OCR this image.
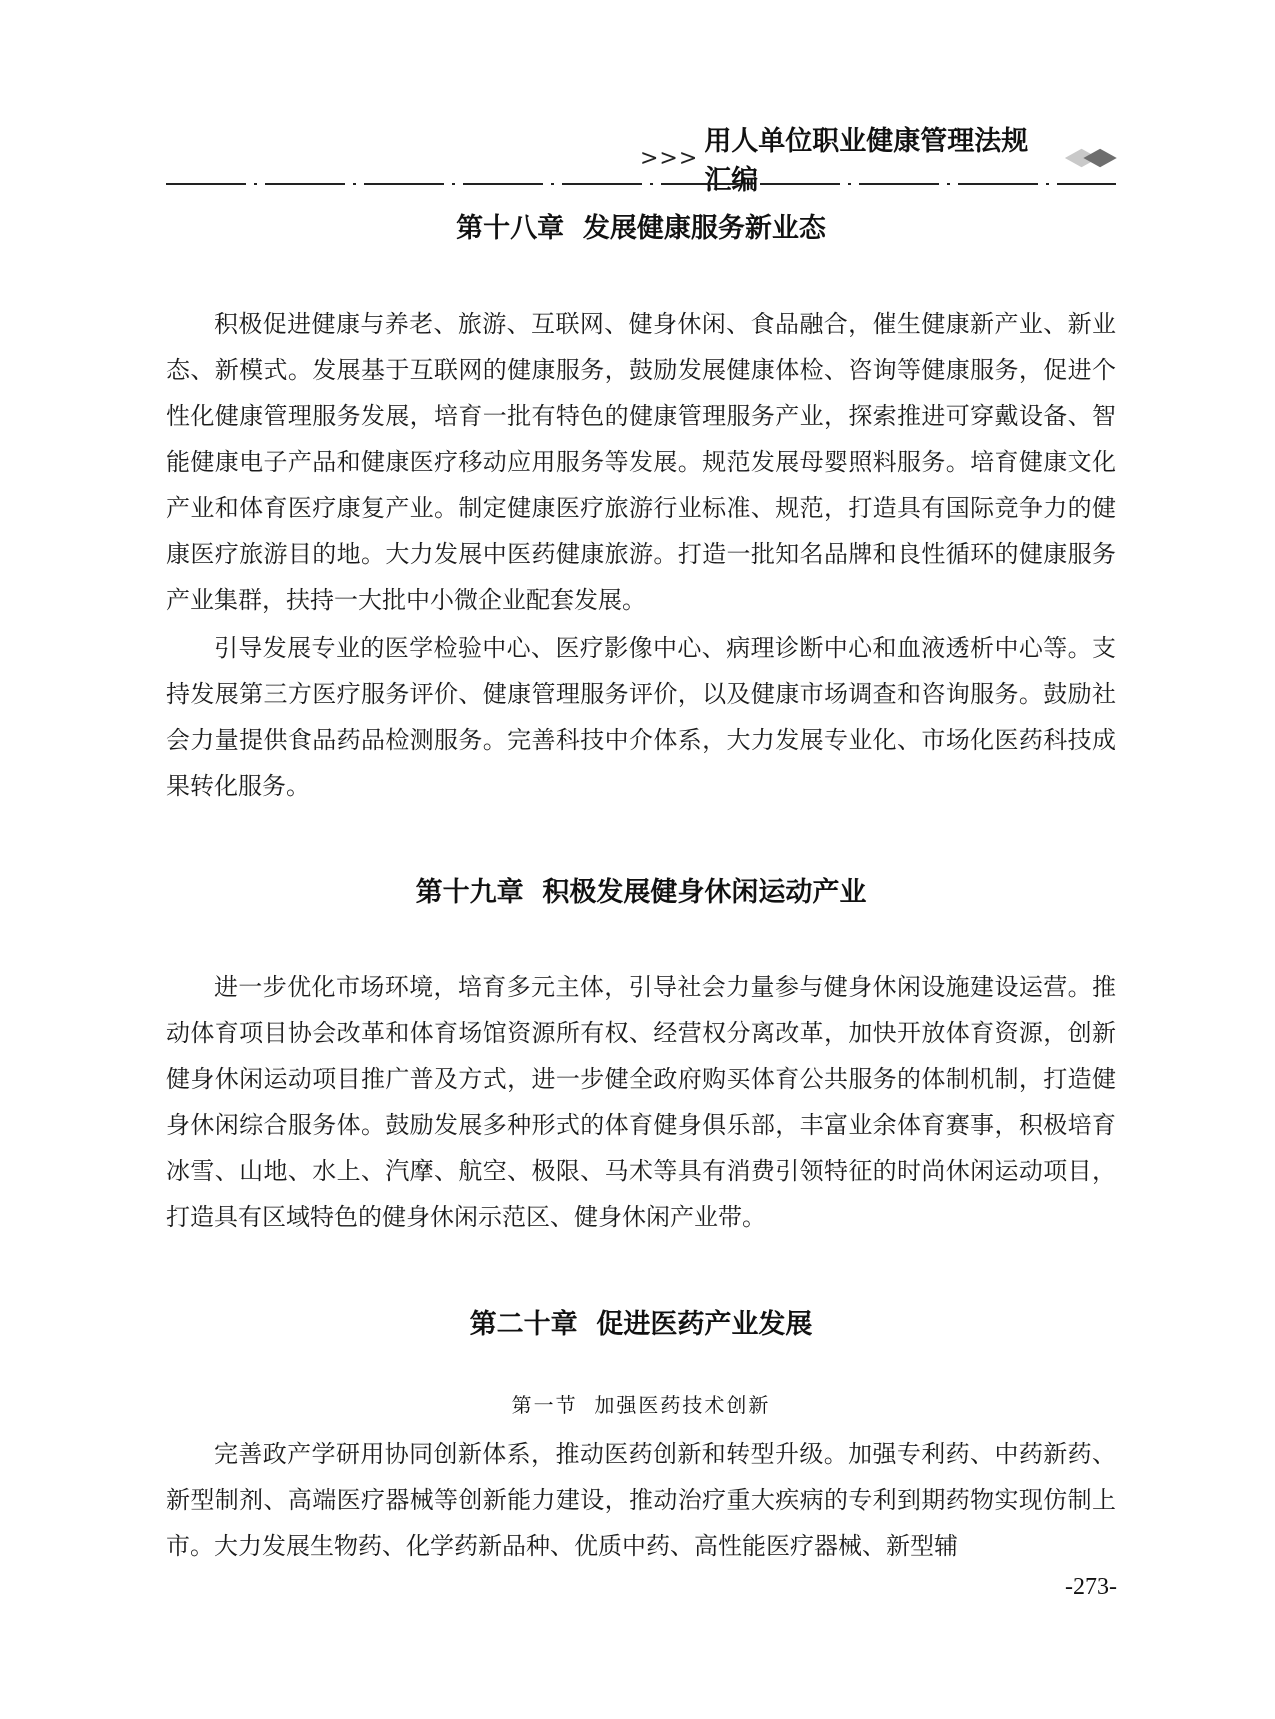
>>>
用人单位职业健康管理法规汇编
第十八章  发展健康服务新业态

积极促进健康与养老、旅游、互联网、健身休闲、食品融合，催生健康新产业、新业态、新模式。发展基于互联网的健康服务，鼓励发展健康体检、咨询等健康服务，促进个性化健康管理服务发展，培育一批有特色的健康管理服务产业，探索推进可穿戴设备、智能健康电子产品和健康医疗移动应用服务等发展。规范发展母婴照料服务。培育健康文化产业和体育医疗康复产业。制定健康医疗旅游行业标准、规范，打造具有国际竞争力的健康医疗旅游目的地。大力发展中医药健康旅游。打造一批知名品牌和良性循环的健康服务产业集群，扶持一大批中小微企业配套发展。

引导发展专业的医学检验中心、医疗影像中心、病理诊断中心和血液透析中心等。支持发展第三方医疗服务评价、健康管理服务评价，以及健康市场调查和咨询服务。鼓励社会力量提供食品药品检测服务。完善科技中介体系，大力发展专业化、市场化医药科技成果转化服务。

第十九章  积极发展健身休闲运动产业

进一步优化市场环境，培育多元主体，引导社会力量参与健身休闲设施建设运营。推动体育项目协会改革和体育场馆资源所有权、经营权分离改革，加快开放体育资源，创新健身休闲运动项目推广普及方式，进一步健全政府购买体育公共服务的体制机制，打造健身休闲综合服务体。鼓励发展多种形式的体育健身俱乐部，丰富业余体育赛事，积极培育冰雪、山地、水上、汽摩、航空、极限、马术等具有消费引领特征的时尚休闲运动项目，打造具有区域特色的健身休闲示范区、健身休闲产业带。

第二十章  促进医药产业发展
第一节  加强医药技术创新

完善政产学研用协同创新体系，推动医药创新和转型升级。加强专利药、中药新药、新型制剂、高端医疗器械等创新能力建设，推动治疗重大疾病的专利到期药物实现仿制上市。大力发展生物药、化学药新品种、优质中药、高性能医疗器械、新型辅

-273-
